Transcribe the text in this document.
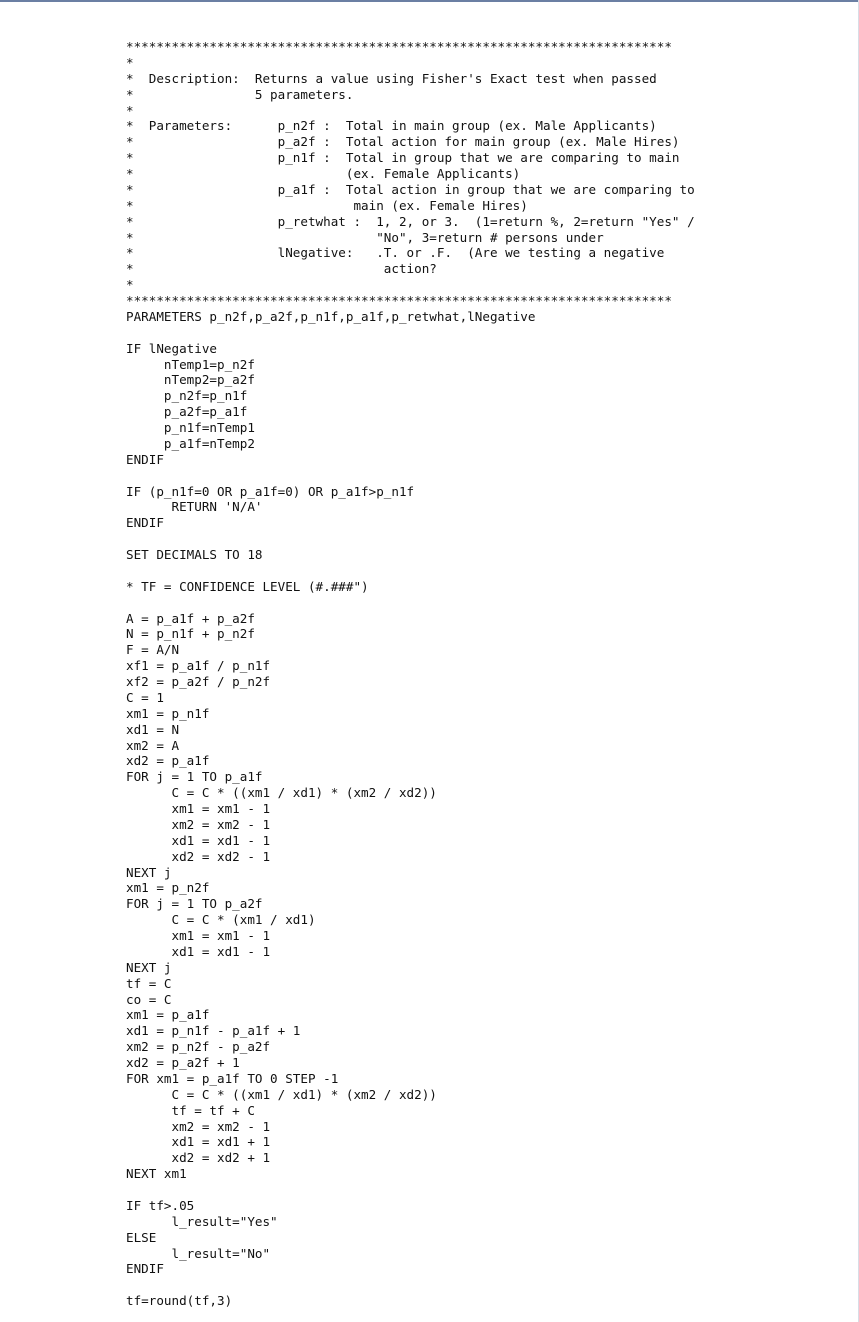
************************************************************************
*
*  Description:  Returns a value using Fisher's Exact test when passed
*                5 parameters.
*
*  Parameters:      p_n2f :  Total in main group (ex. Male Applicants)
*                   p_a2f :  Total action for main group (ex. Male Hires)
*                   p_n1f :  Total in group that we are comparing to main
*                            (ex. Female Applicants)
*                   p_a1f :  Total action in group that we are comparing to
*                             main (ex. Female Hires)
*                   p_retwhat :  1, 2, or 3.  (1=return %, 2=return "Yes" /
*                                "No", 3=return # persons under
*                   lNegative:   .T. or .F.  (Are we testing a negative
*                                 action?
*
************************************************************************
PARAMETERS p_n2f,p_a2f,p_n1f,p_a1f,p_retwhat,lNegative
IF lNegative
nTemp1=p_n2f
nTemp2=p_a2f
p_n2f=p_n1f
p_a2f=p_a1f
p_n1f=nTemp1
p_a1f=nTemp2
ENDIF
IF (p_n1f=0 OR p_a1f=0) OR p_a1f>p_n1f
RETURN 'N/A'
ENDIF
SET DECIMALS TO 18
* TF = CONFIDENCE LEVEL (#.###")
A = p_a1f + p_a2f
N = p_n1f + p_n2f
F = A/N
xf1 = p_a1f / p_n1f
xf2 = p_a2f / p_n2f
C = 1
xm1 = p_n1f
xd1 = N
xm2 = A
xd2 = p_a1f
FOR j = 1 TO p_a1f
C = C * ((xm1 / xd1) * (xm2 / xd2))
xm1 = xm1 - 1
xm2 = xm2 - 1
xd1 = xd1 - 1
xd2 = xd2 - 1
NEXT j
xm1 = p_n2f
FOR j = 1 TO p_a2f
C = C * (xm1 / xd1)
xm1 = xm1 - 1
xd1 = xd1 - 1
NEXT j
tf = C
co = C
xm1 = p_a1f
xd1 = p_n1f - p_a1f + 1
xm2 = p_n2f - p_a2f
xd2 = p_a2f + 1
FOR xm1 = p_a1f TO 0 STEP -1
C = C * ((xm1 / xd1) * (xm2 / xd2))
tf = tf + C
xm2 = xm2 - 1
xd1 = xd1 + 1
xd2 = xd2 + 1
NEXT xm1
IF tf>.05
l_result="Yes"
ELSE
l_result="No"
ENDIF
tf=round(tf,3)
